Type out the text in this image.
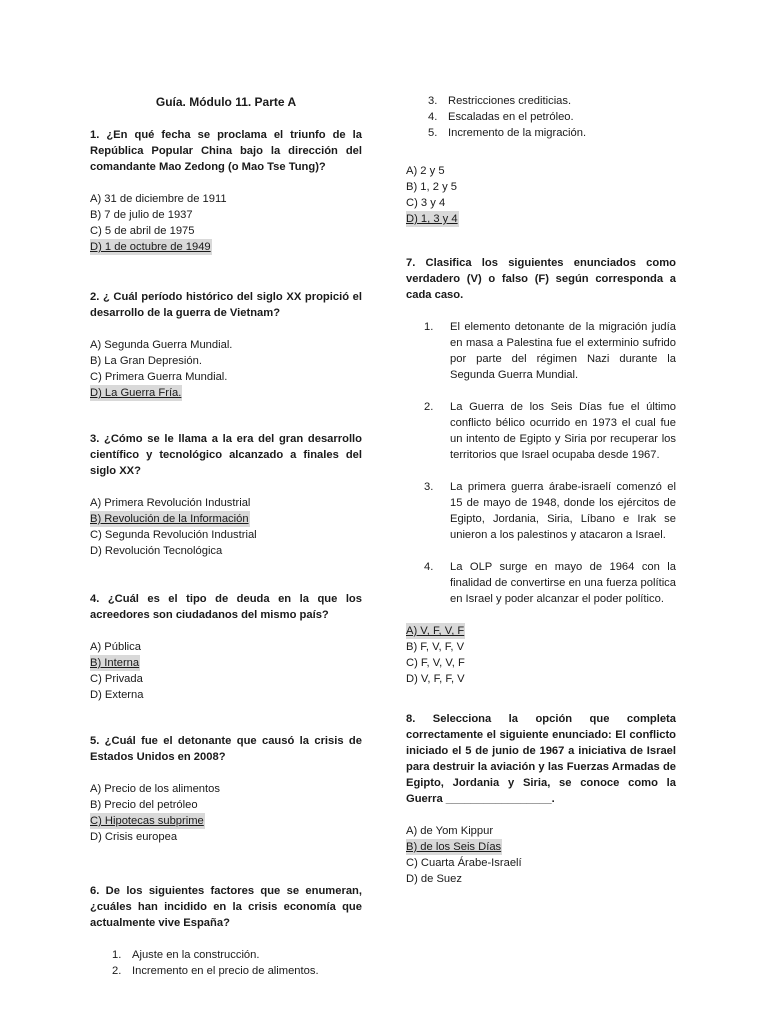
Guía. Módulo 11. Parte A
1. ¿En qué fecha se proclama el triunfo de la República Popular China bajo la dirección del comandante Mao Zedong (o Mao Tse Tung)?
A) 31 de diciembre de 1911
B) 7 de julio de 1937
C) 5 de abril de 1975
D) 1 de octubre de 1949
2. ¿ Cuál período histórico del siglo XX propició el desarrollo de la guerra de Vietnam?
A) Segunda Guerra Mundial.
B) La Gran Depresión.
C) Primera Guerra Mundial.
D) La Guerra Fría.
3. ¿Cómo se le llama a la era del gran desarrollo científico y tecnológico alcanzado a finales del siglo XX?
A) Primera Revolución Industrial
B) Revolución de la Información
C) Segunda Revolución Industrial
D) Revolución Tecnológica
4. ¿Cuál es el tipo de deuda en la que los acreedores son ciudadanos del mismo país?
A) Pública
B) Interna
C) Privada
D) Externa
5. ¿Cuál fue el detonante que causó la crisis de Estados Unidos en 2008?
A) Precio de los alimentos
B) Precio del petróleo
C) Hipotecas subprime
D) Crisis europea
6. De los siguientes factores que se enumeran, ¿cuáles han incidido en la crisis economía que actualmente vive España?
1. Ajuste en la construcción.
2. Incremento en el precio de alimentos.
3. Restricciones crediticias.
4. Escaladas en el petróleo.
5. Incremento de la migración.
A) 2 y 5
B) 1, 2 y 5
C) 3 y 4
D) 1, 3 y 4
7. Clasifica los siguientes enunciados como verdadero (V) o falso (F) según corresponda a cada caso.
1.	El elemento detonante de la migración judía en masa a Palestina fue el exterminio sufrido por parte del régimen Nazi durante la Segunda Guerra Mundial.
2.	La Guerra de los Seis Días fue el último conflicto bélico ocurrido en 1973 el cual fue un intento de Egipto y Siria por recuperar los territorios que Israel ocupaba desde 1967.
3.	La primera guerra árabe-israelí comenzó el 15 de mayo de 1948, donde los ejércitos de Egipto, Jordania, Siria, Líbano e Irak se unieron a los palestinos y atacaron a Israel.
4.	La OLP surge en mayo de 1964 con la finalidad de convertirse en una fuerza política en Israel y poder alcanzar el poder político.
A) V, F, V, F
B) F, V, F, V
C) F, V, V, F
D) V, F, F, V
8. Selecciona la opción que completa correctamente el siguiente enunciado: El conflicto iniciado el 5 de junio de 1967 a iniciativa de Israel para destruir la aviación y las Fuerzas Armadas de Egipto, Jordania y Siria, se conoce como la Guerra _________________.
A) de Yom Kippur
B) de los Seis Días
C) Cuarta Árabe-Israelí
D) de Suez
